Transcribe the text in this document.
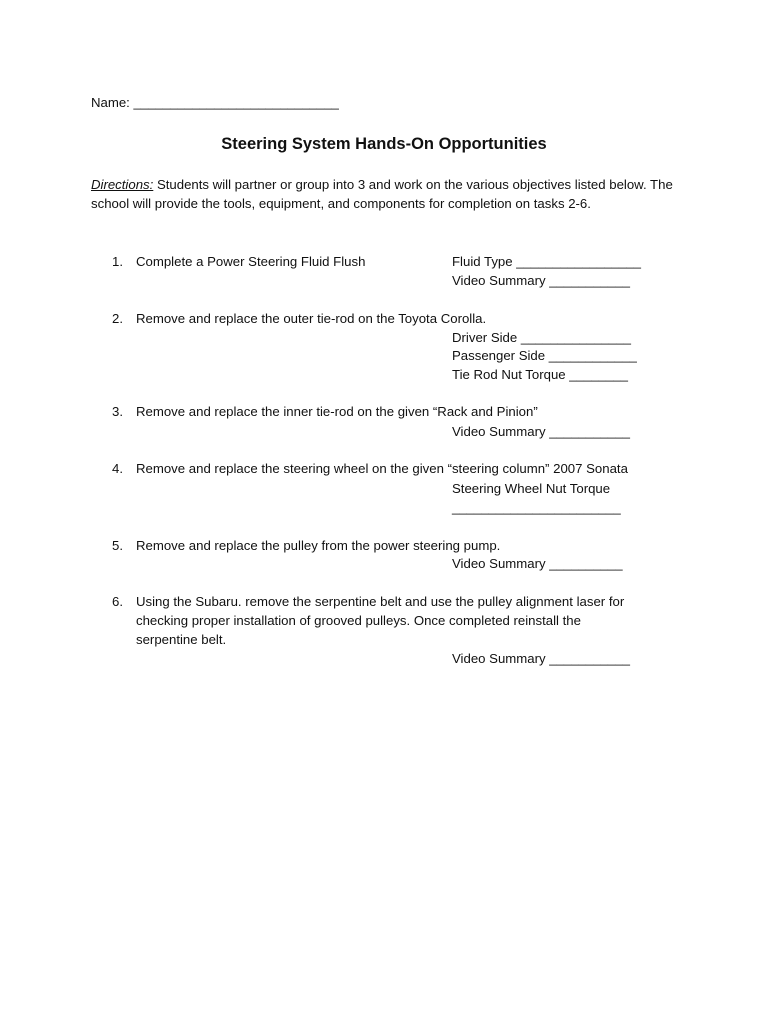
Name: ____________________________
Steering System Hands-On Opportunities
Directions: Students will partner or group into 3 and work on the various objectives listed below. The school will provide the tools, equipment, and components for completion on tasks 2-6.
1. Complete a Power Steering Fluid Flush	Fluid Type _________________
Video Summary ___________
2. Remove and replace the outer tie-rod on the Toyota Corolla.
Driver Side _______________
Passenger Side ____________
Tie Rod Nut Torque ________
3. Remove and replace the inner tie-rod on the given “Rack and Pinion”
Video Summary ___________
4. Remove and replace the steering wheel on the given “steering column” 2007 Sonata
Steering Wheel Nut Torque
_______________________
5. Remove and replace the pulley from the power steering pump.
Video Summary __________
6. Using the Subaru. remove the serpentine belt and use the pulley alignment laser for
checking proper installation of grooved pulleys. Once completed reinstall the
serpentine belt.
Video Summary ___________
